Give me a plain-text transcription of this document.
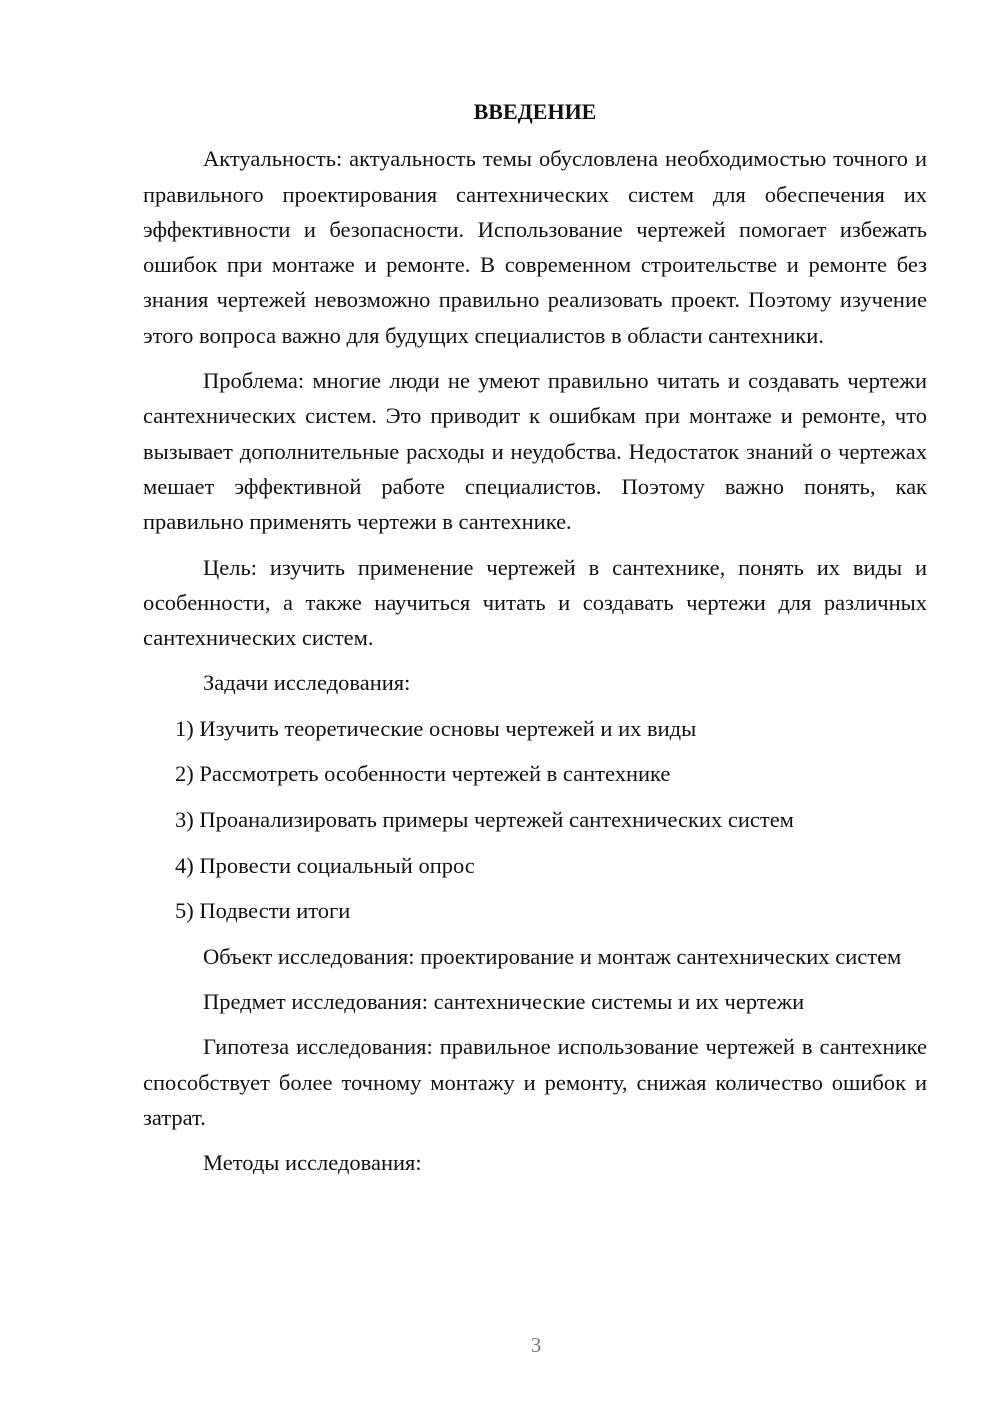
ВВЕДЕНИЕ

Актуальность: актуальность темы обусловлена необходимостью точного и правильного проектирования сантехнических систем для обеспечения их эффективности и безопасности. Использование чертежей помогает избежать ошибок при монтаже и ремонте. В современном строительстве и ремонте без знания чертежей невозможно правильно реализовать проект. Поэтому изучение этого вопроса важно для будущих специалистов в области сантехники.

Проблема: многие люди не умеют правильно читать и создавать чертежи сантехнических систем. Это приводит к ошибкам при монтаже и ремонте, что вызывает дополнительные расходы и неудобства. Недостаток знаний о чертежах мешает эффективной работе специалистов. Поэтому важно понять, как правильно применять чертежи в сантехнике.

Цель: изучить применение чертежей в сантехнике, понять их виды и особенности, а также научиться читать и создавать чертежи для различных сантехнических систем.

Задачи исследования:

1) Изучить теоретические основы чертежей и их виды
2) Рассмотреть особенности чертежей в сантехнике
3) Проанализировать примеры чертежей сантехнических систем
4) Провести социальный опрос
5) Подвести итоги

Объект исследования: проектирование и монтаж сантехнических систем

Предмет исследования: сантехнические системы и их чертежи

Гипотеза исследования: правильное использование чертежей в сантехнике способствует более точному монтажу и ремонту, снижая количество ошибок и затрат.

Методы исследования:

3
